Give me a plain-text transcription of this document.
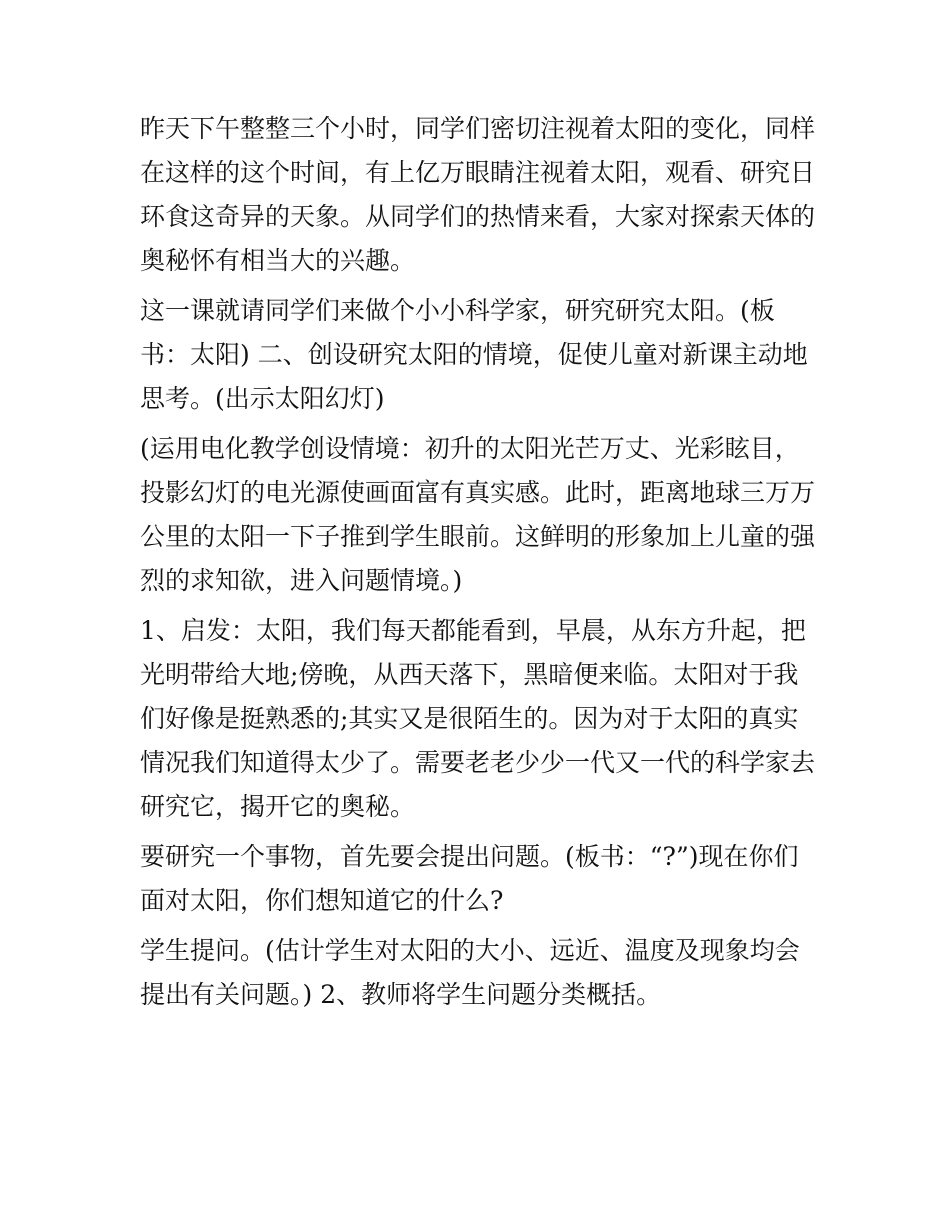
昨天下午整整三个小时，同学们密切注视着太阳的变化，同样
在这样的这个时间，有上亿万眼睛注视着太阳，观看、研究日
环食这奇异的天象。从同学们的热情来看，大家对探索天体的
奥秘怀有相当大的兴趣。
这一课就请同学们来做个小小科学家，研究研究太阳。(板
书：太阳) 二、创设研究太阳的情境，促使儿童对新课主动地
思考。(出示太阳幻灯)
(运用电化教学创设情境：初升的太阳光芒万丈、光彩眩目，
投影幻灯的电光源使画面富有真实感。此时，距离地球三万万
公里的太阳一下子推到学生眼前。这鲜明的形象加上儿童的强
烈的求知欲，进入问题情境。)
1、启发：太阳，我们每天都能看到，早晨，从东方升起，把
光明带给大地;傍晚，从西天落下，黑暗便来临。太阳对于我
们好像是挺熟悉的;其实又是很陌生的。因为对于太阳的真实
情况我们知道得太少了。需要老老少少一代又一代的科学家去
研究它，揭开它的奥秘。
要研究一个事物，首先要会提出问题。(板书：“?”)现在你们
面对太阳，你们想知道它的什么?
学生提问。(估计学生对太阳的大小、远近、温度及现象均会
提出有关问题。) 2、教师将学生问题分类概括。
